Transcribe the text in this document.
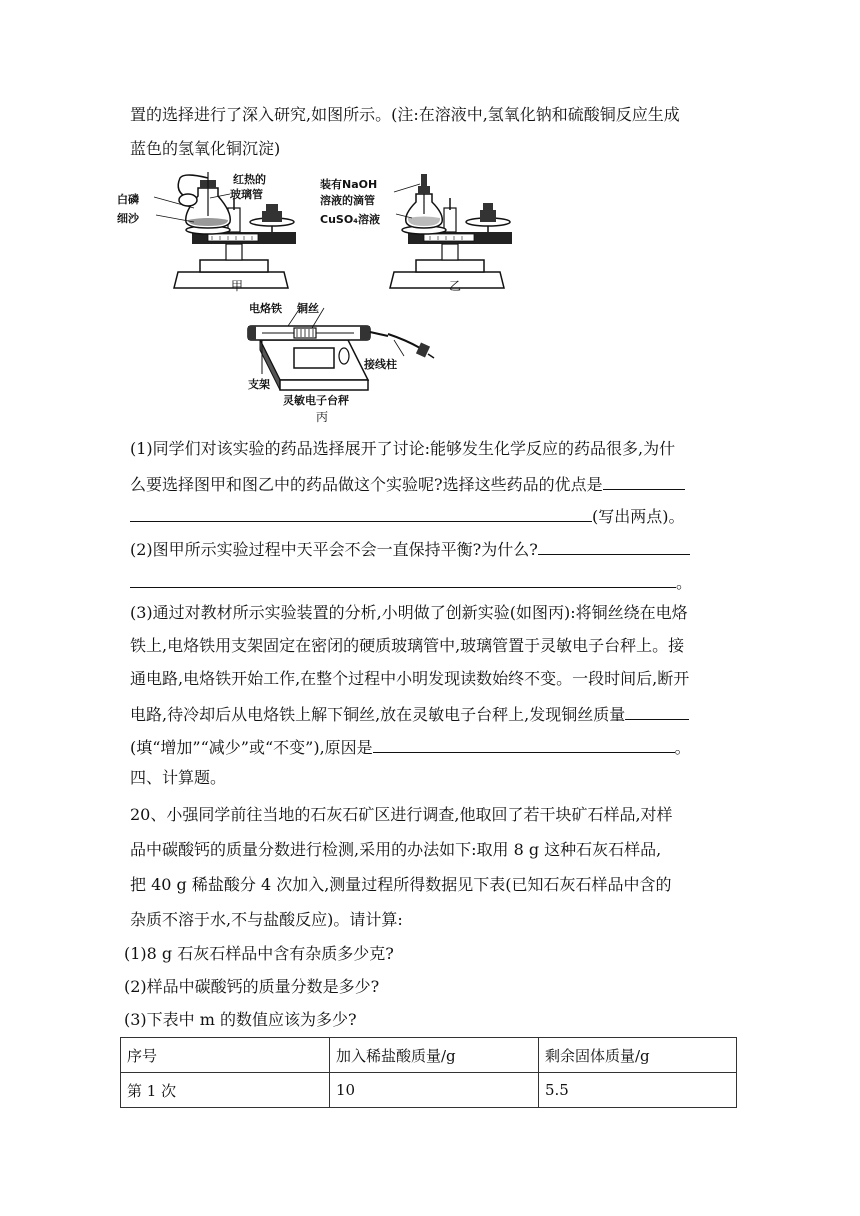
置的选择进行了深入研究,如图所示。(注:在溶液中,氢氧化钠和硫酸铜反应生成
蓝色的氢氧化铜沉淀)
白磷
细沙
红热的
玻璃管
甲
装有NaOH
溶液的滴管
CuSO₄溶液
乙
电烙铁 铜丝
接线柱
支架
灵敏电子台秤
丙
(1)同学们对该实验的药品选择展开了讨论:能够发生化学反应的药品很多,为什
么要选择图甲和图乙中的药品做这个实验呢?选择这些药品的优点是
(写出两点)。
(2)图甲所示实验过程中天平会不会一直保持平衡?为什么?
。
(3)通过对教材所示实验装置的分析,小明做了创新实验(如图丙):将铜丝绕在电烙
铁上,电烙铁用支架固定在密闭的硬质玻璃管中,玻璃管置于灵敏电子台秤上。接
通电路,电烙铁开始工作,在整个过程中小明发现读数始终不变。一段时间后,断开
电路,待冷却后从电烙铁上解下铜丝,放在灵敏电子台秤上,发现铜丝质量
(填“增加”“减少”或“不变”),原因是	。
四、计算题。
20、小强同学前往当地的石灰石矿区进行调查,他取回了若干块矿石样品,对样
品中碳酸钙的质量分数进行检测,采用的办法如下:取用 8 g 这种石灰石样品,
把 40 g 稀盐酸分 4 次加入,测量过程所得数据见下表(已知石灰石样品中含的
杂质不溶于水,不与盐酸反应)。请计算:
(1)8 g 石灰石样品中含有杂质多少克?
(2)样品中碳酸钙的质量分数是多少?
(3)下表中 m 的数值应该为多少?
序号	加入稀盐酸质量/g	剩余固体质量/g
第 1 次	10	5.5
